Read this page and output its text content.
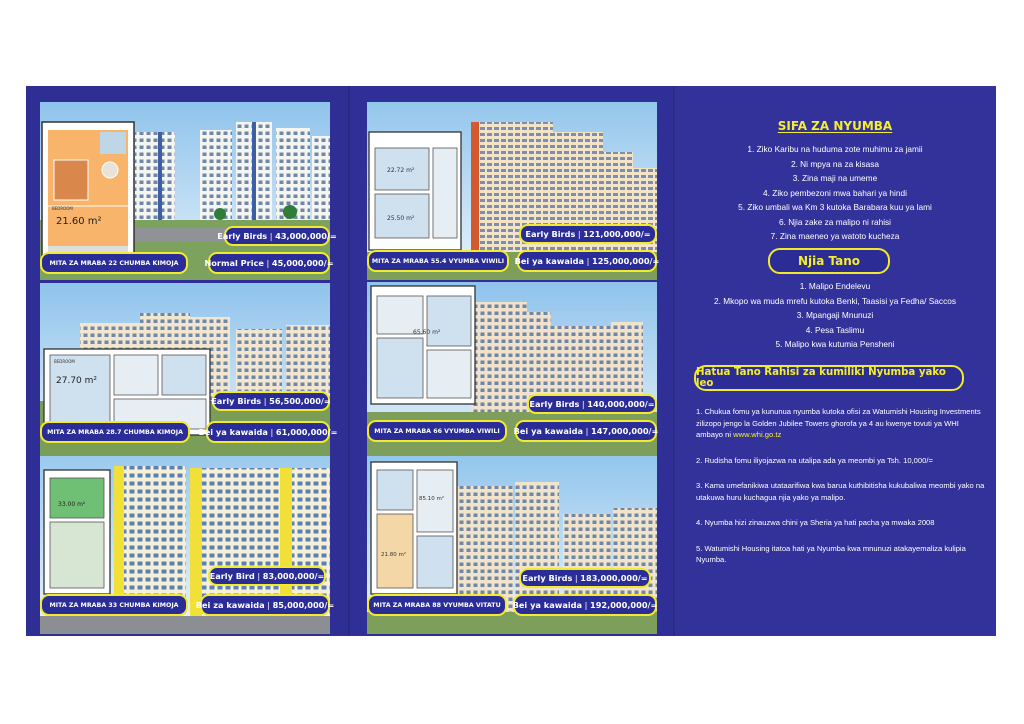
BEDROOM
21.60 m²
Early Birds | 43,000,000/=
MITA ZA MRABA 22 CHUMBA KIMOJA	Normal Price | 45,000,000/=
22.72 m²
25.50 m²
Early Birds | 121,000,000/=
MITA ZA MRABA 55.4 VYUMBA VIWILI	Bei ya kawaida | 125,000,000/=
BEDROOM
27.70 m²
Early Birds | 56,500,000/=
MITA ZA MRABA 28.7 CHUMBA KIMOJA	Bei ya kawaida | 61,000,000/=
65.60 m²
Early Birds | 140,000,000/=
MITA ZA MRABA 66 VYUMBA VIWILI	Bei ya kawaida | 147,000,000/=
33.00 m²
Early Bird | 83,000,000/=
MITA ZA MRABA 33 CHUMBA KIMOJA	Bei za kawaida | 85,000,000/=
85.10 m²
21.80 m²
Early Birds | 183,000,000/=
MITA ZA MRABA 88 VYUMBA VITATU	Bei ya kawaida | 192,000,000/=
SIFA ZA NYUMBA
1. Ziko Karibu na huduma zote muhimu za jamii
2. Ni mpya na za kisasa
3. Zina maji na umeme
4. Ziko pembezoni mwa bahari ya hindi
5. Ziko umbali wa Km 3 kutoka Barabara kuu ya lami
6. Njia zake za malipo ni rahisi
7. Zina maeneo ya watoto kucheza
Njia Tano
1. Malipo Endelevu
2. Mkopo wa muda mrefu kutoka Benki, Taasisi ya Fedha/ Saccos
3. Mpangaji Mnunuzi
4. Pesa Taslimu
5. Malipo kwa kutumia Pensheni
Hatua Tano Rahisi za kumiliki Nyumba yako leo
1. Chukua fomu ya kununua nyumba kutoka ofisi za Watumishi Housing Investments zilizopo jengo la Golden Jubilee Towers ghorofa ya 4 au kwenye tovuti ya WHI ambayo ni www.whi.go.tz
2. Rudisha fomu iliyojazwa na utalipa ada ya meombi ya Tsh. 10,000/=
3. Kama umefanikiwa utataarifiwa kwa barua kuthibitisha kukubaliwa meombi yako na utakuwa huru kuchagua njia yako ya malipo.
4. Nyumba hizi zinauzwa chini ya Sheria ya hati pacha ya mwaka 2008
5. Watumishi Housing itatoa hati ya Nyumba kwa mnunuzi atakayemaliza kulipia Nyumba.
